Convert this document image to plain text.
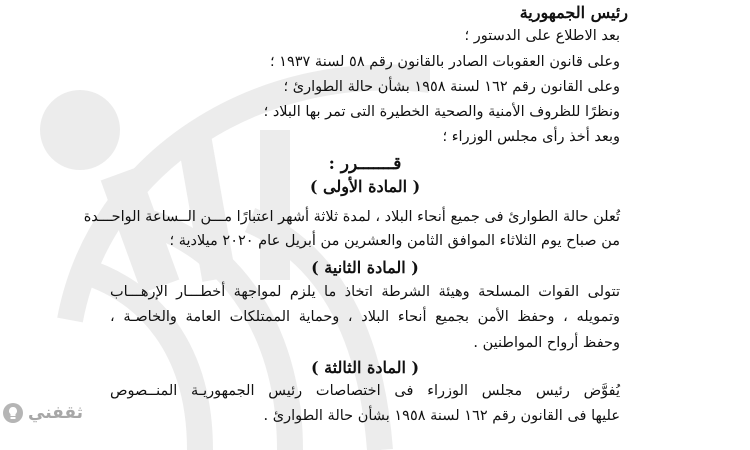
ثقفني
رئيس الجمهورية
بعد الاطلاع على الدستور ؛
وعلى قانون العقوبات الصادر بالقانون رقم ٥٨ لسنة ١٩٣٧ ؛
وعلى القانون رقم ١٦٢ لسنة ١٩٥٨ بشأن حالة الطوارئ ؛
ونظرًا للظروف الأمنية والصحية الخطيرة التى تمر بها البلاد ؛
وبعد أخذ رأى مجلس الوزراء ؛
قـــــــرر :
( المادة الأولى )
تُعلن حالة الطوارئ فى جميع أنحاء البلاد ، لمدة ثلاثة أشهر اعتبارًا مـــن الــساعة الواحـــدة
من صباح يوم الثلاثاء الموافق الثامن والعشرين من أبريل عام ٢٠٢٠ ميلادية ؛
( المادة الثانية )
تتولى القوات المسلحة وهيئة الشرطة اتخاذ ما يلزم لمواجهة أخطـــار الإرهـــاب
وتمويله ، وحفظ الأمن بجميع أنحاء البلاد ، وحماية الممتلكات العامة والخاصـة ،
وحفظ أرواح المواطنين .
( المادة الثالثة )
يُفوَّض رئيس مجلس الوزراء فى اختصاصات رئيس الجمهوريـة المنــصوص
عليها فى القانون رقم ١٦٢ لسنة ١٩٥٨ بشأن حالة الطوارئ .
